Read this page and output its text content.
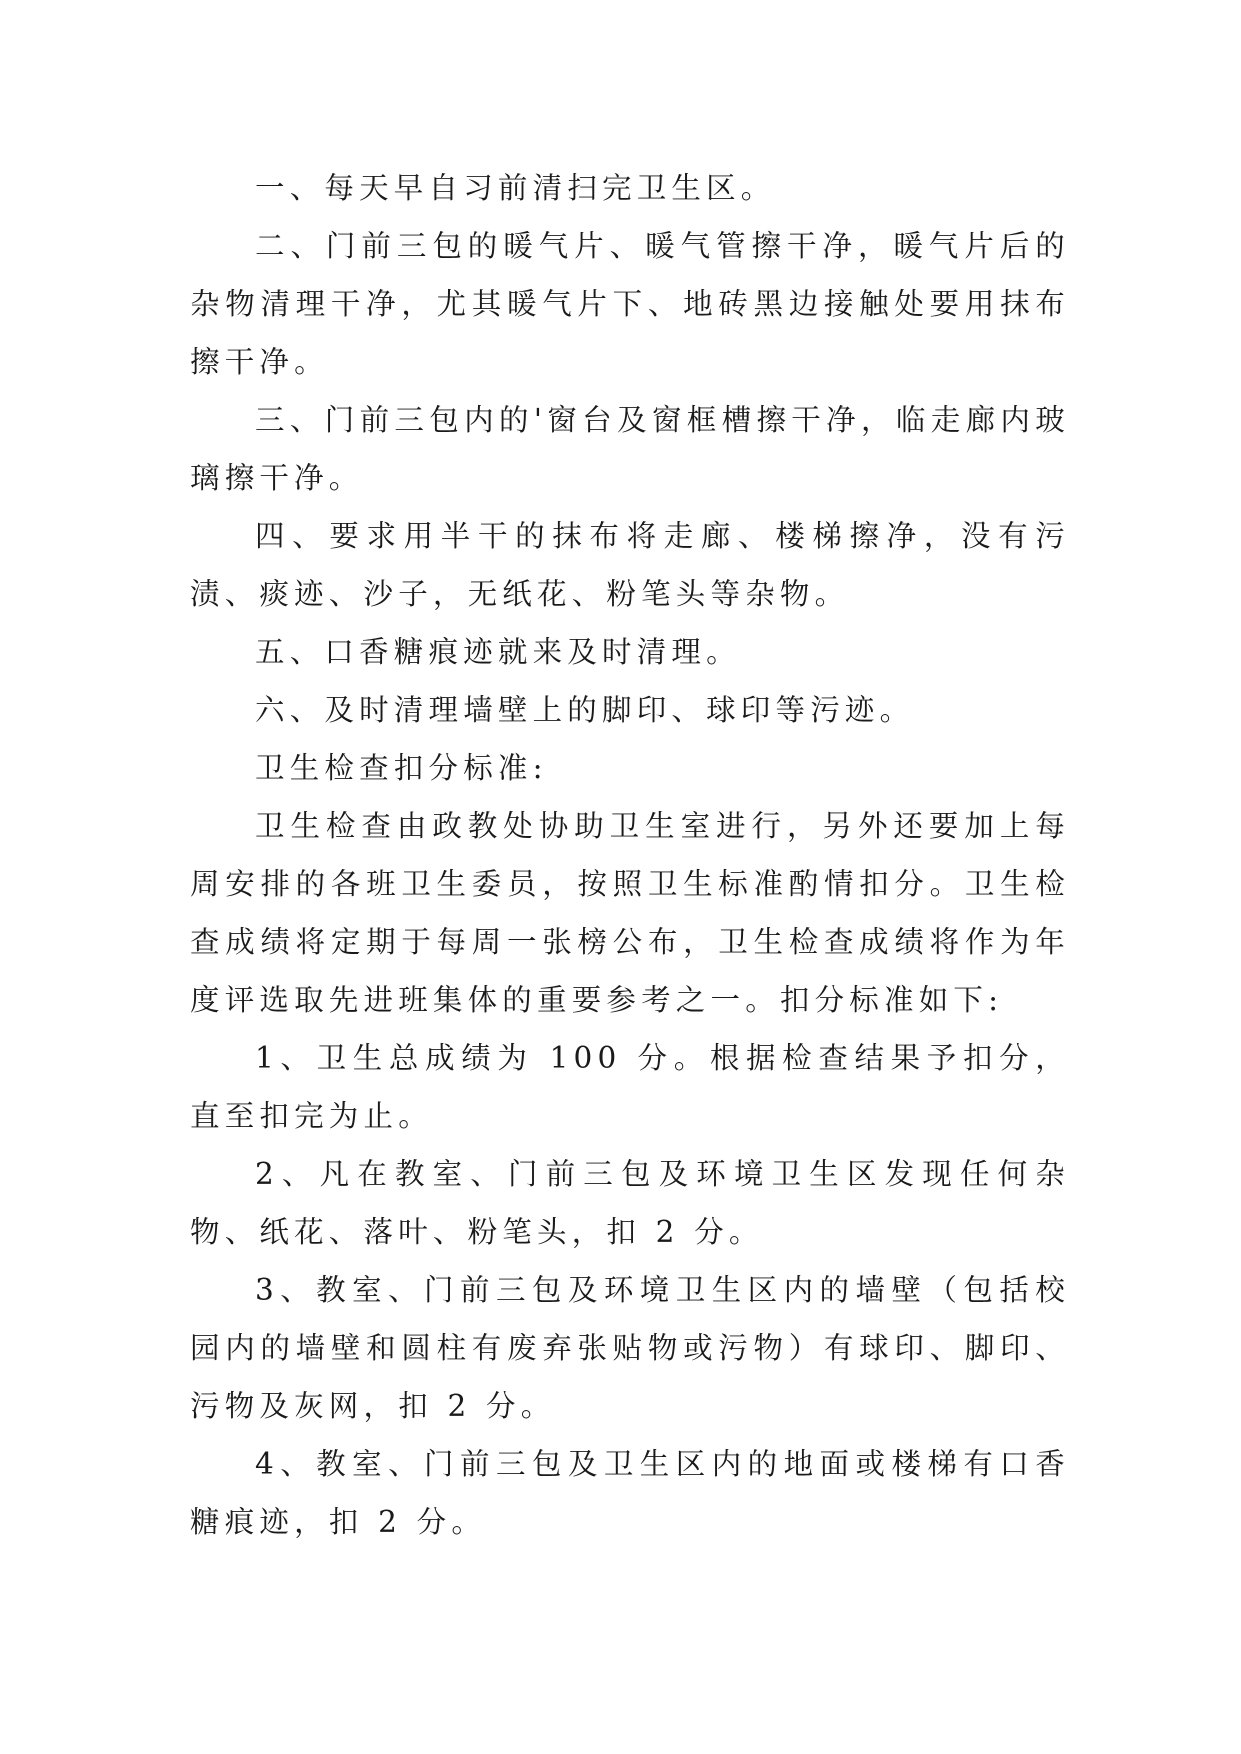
一、每天早自习前清扫完卫生区。

二、门前三包的暖气片、暖气管擦干净，暖气片后的杂物清理干净，尤其暖气片下、地砖黑边接触处要用抹布擦干净。

三、门前三包内的'窗台及窗框槽擦干净，临走廊内玻璃擦干净。

四、要求用半干的抹布将走廊、楼梯擦净，没有污渍、痰迹、沙子，无纸花、粉笔头等杂物。

五、口香糖痕迹就来及时清理。

六、及时清理墙壁上的脚印、球印等污迹。

卫生检查扣分标准:

卫生检查由政教处协助卫生室进行，另外还要加上每周安排的各班卫生委员，按照卫生标准酌情扣分。卫生检查成绩将定期于每周一张榜公布，卫生检查成绩将作为年度评选取先进班集体的重要参考之一。扣分标准如下:

1、卫生总成绩为 100 分。根据检查结果予扣分，直至扣完为止。

2、凡在教室、门前三包及环境卫生区发现任何杂物、纸花、落叶、粉笔头，扣 2 分。

3、教室、门前三包及环境卫生区内的墙壁（包括校园内的墙壁和圆柱有废弃张贴物或污物）有球印、脚印、污物及灰网，扣 2 分。

4、教室、门前三包及卫生区内的地面或楼梯有口香糖痕迹，扣 2 分。
